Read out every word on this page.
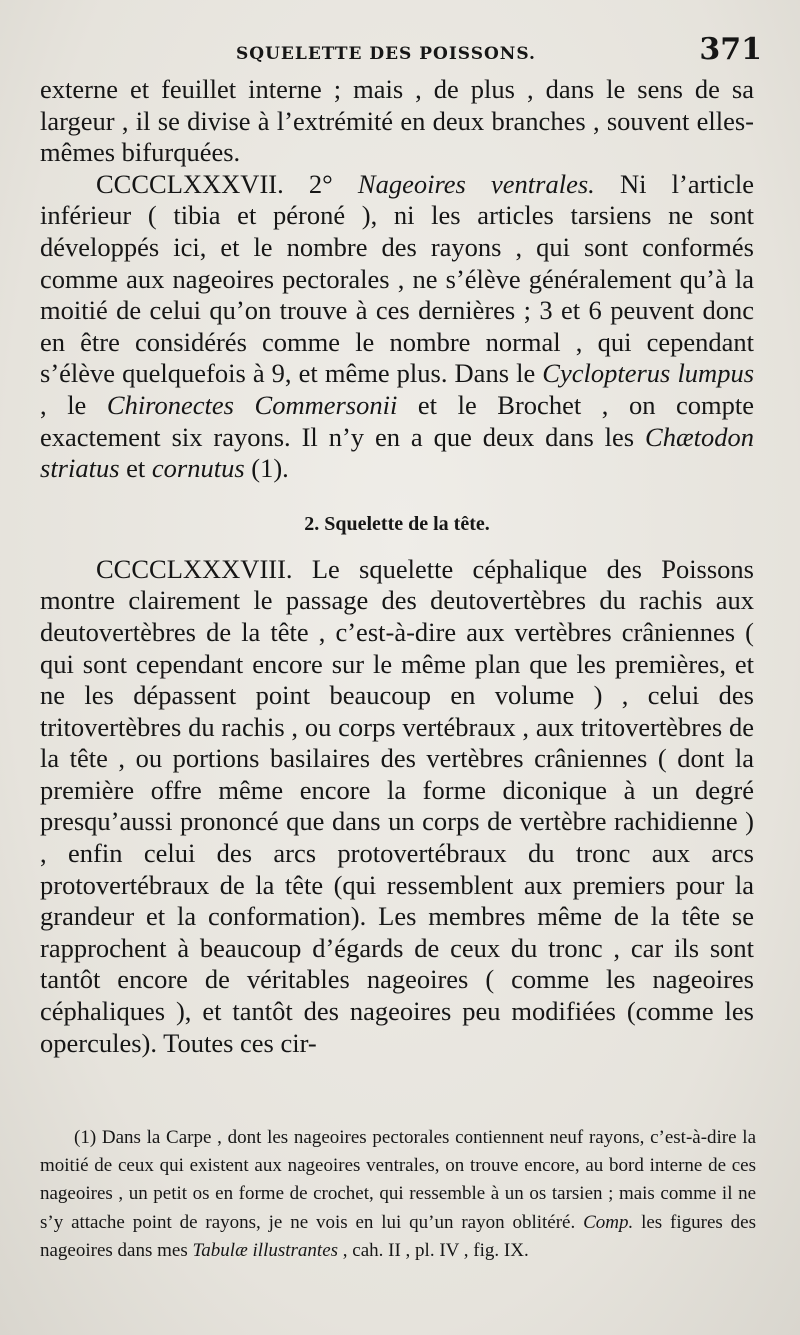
SQUELETTE DES POISSONS.	371

externe et feuillet interne ; mais , de plus , dans le sens de sa largeur , il se divise à l’extrémité en deux branches , souvent elles-mêmes bifurquées.

CCCCLXXXVII. 2° Nageoires ventrales. Ni l’article inférieur ( tibia et péroné ), ni les articles tarsiens ne sont développés ici, et le nombre des rayons , qui sont conformés comme aux nageoires pectorales , ne s’élève généralement qu’à la moitié de celui qu’on trouve à ces dernières ; 3 et 6 peuvent donc en être considérés comme le nombre normal , qui cependant s’élève quelquefois à 9, et même plus. Dans le Cyclopterus lumpus , le Chironectes Commersonii et le Brochet , on compte exactement six rayons. Il n’y en a que deux dans les Chætodon striatus et cornutus (1).

2. Squelette de la tête.

CCCCLXXXVIII. Le squelette céphalique des Poissons montre clairement le passage des deutovertèbres du rachis aux deutovertèbres de la tête , c’est-à-dire aux vertèbres crâniennes ( qui sont cependant encore sur le même plan que les premières, et ne les dépassent point beaucoup en volume ) , celui des tritovertèbres du rachis , ou corps vertébraux , aux tritovertèbres de la tête , ou portions basilaires des vertèbres crâniennes ( dont la première offre même encore la forme diconique à un degré presqu’aussi prononcé que dans un corps de vertèbre rachidienne ) , enfin celui des arcs protovertébraux du tronc aux arcs protovertébraux de la tête (qui ressemblent aux premiers pour la grandeur et la conformation). Les membres même de la tête se rapprochent à beaucoup d’égards de ceux du tronc , car ils sont tantôt encore de véritables nageoires ( comme les nageoires céphaliques ), et tantôt des nageoires peu modifiées (comme les opercules). Toutes ces cir-

(1) Dans la Carpe , dont les nageoires pectorales contiennent neuf rayons, c’est-à-dire la moitié de ceux qui existent aux nageoires ventrales, on trouve encore, au bord interne de ces nageoires , un petit os en forme de crochet, qui ressemble à un os tarsien ; mais comme il ne s’y attache point de rayons, je ne vois en lui qu’un rayon oblitéré. Comp. les figures des nageoires dans mes Tabulæ illustrantes , cah. II , pl. IV , fig. IX.
